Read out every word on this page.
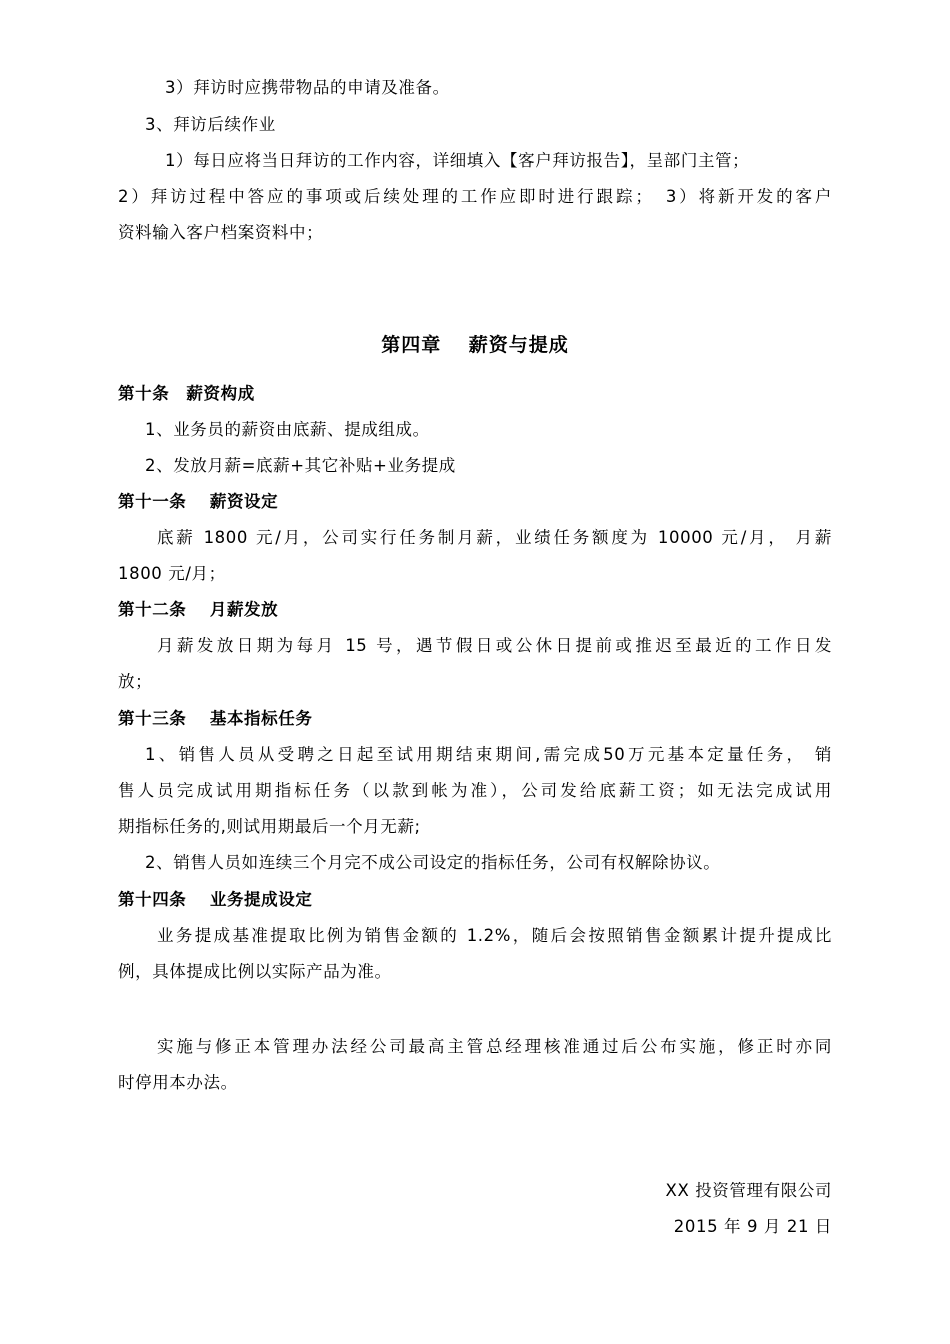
3）拜访时应携带物品的申请及准备。
3、拜访后续作业
1）每日应将当日拜访的工作内容，详细填入【客户拜访报告】，呈部门主管；
2）拜访过程中答应的事项或后续处理的工作应即时进行跟踪；　3）将新开发的客户
资料输入客户档案资料中；
第四章　 薪资与提成
第十条　薪资构成
1、业务员的薪资由底薪、提成组成。
2、发放月薪=底薪+其它补贴+业务提成
第十一条　 薪资设定
底薪 1800 元/月，公司实行任务制月薪，业绩任务额度为 10000 元/月， 月薪
1800 元/月；
第十二条　 月薪发放
月薪发放日期为每月 15 号，遇节假日或公休日提前或推迟至最近的工作日发
放；
第十三条　 基本指标任务
1、销售人员从受聘之日起至试用期结束期间,需完成50万元基本定量任务， 销
售人员完成试用期指标任务（以款到帐为准），公司发给底薪工资；如无法完成试用
期指标任务的,则试用期最后一个月无薪;
2、销售人员如连续三个月完不成公司设定的指标任务，公司有权解除协议。
第十四条　 业务提成设定
业务提成基准提取比例为销售金额的 1.2%，随后会按照销售金额累计提升提成比
例，具体提成比例以实际产品为准。
实施与修正本管理办法经公司最高主管总经理核准通过后公布实施，修正时亦同
时停用本办法。
XX 投资管理有限公司
2015 年 9 月 21 日
